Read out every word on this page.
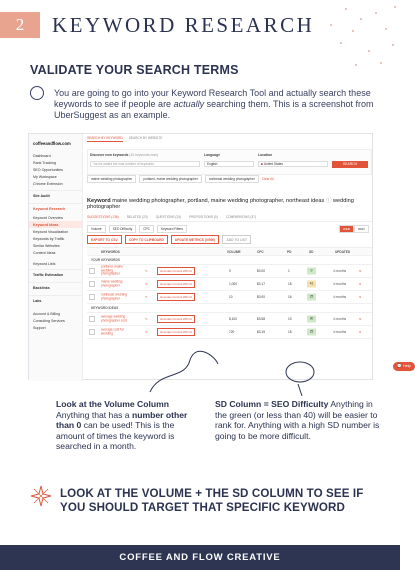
2	KEYWORD RESEARCH
VALIDATE YOUR SEARCH TERMS
You are going to go into your Keyword Research Tool and actually search these keywords to see if people are actually searching them. This is a screenshot from UberSuggest as an example.
coffeeandflow.com
Dashboard
Rank Tracking
SEO Opportunities
My Workspace
Chrome Extension
Site Audit
Keyword Research
Keyword Overview
Keyword Ideas
Keyword Visualization
Keywords by Traffic
Similar Websites
Content Ideas
Keyword Lists
Traffic Estimation
Backlinks
Labs
Account & Billing
Consulting Services
Support
SEARCH BY KEYWORD SEARCH BY WEBSITE
Discover new keywords (10 keywords max)
You've added the max number of keywords
Language
English
Location
■ United States	SEARCH
maine wedding photographer	portland, maine wedding photographer	northeast wedding photographer	Clear All
Keyword maine wedding photographer, portland, maine wedding photographer, northeast ideas ⓘ wedding photographer
SUGGESTIONS (136)	RELATED (23)	QUESTIONS (24)	PREPOSITIONS (0)	COMPARISONS (37)
Volume	SEO Difficulty	CPC	Keyword Filters	WEB	PAID
EXPORT TO CSV	COPY TO CLIPBOARD	UPDATE METRICS (0/500)	ADD TO LIST
KEYWORDS	VOLUME	CPC	PD	SD	UPDATED
YOUR KEYWORDS
portland, maine wedding photographer
✎	Generate Content With AI	0	$0.00	1	0	4 months	⇅
maine wedding photographer	✎	Generate Content With AI	1,000	$3.17	18	41	4 months	⇅
northeast wedding photographer	✎	Generate Content With AI	10	$0.00	16	25	4 months	⇅
KEYWORD IDEAS
average wedding photographer cost	✎	Generate Content With AI	8,100	$3.58	19	30	4 months	⇅
average cost for wedding	✎	Generate Content With AI	720	$3.15	18	25	4 months	⇅
💬 Help
Look at the Volume Column Anything that has a number other than 0 can be used! This is the amount of times the keyword is searched in a month.
SD Column = SEO Difficulty Anything in the green (or less than 40) will be easier to rank for. Anything with a high SD number is going to be more difficult.
LOOK AT THE VOLUME + THE SD COLUMN TO SEE IF YOU SHOULD TARGET THAT SPECIFIC KEYWORD
COFFEE AND FLOW CREATIVE
